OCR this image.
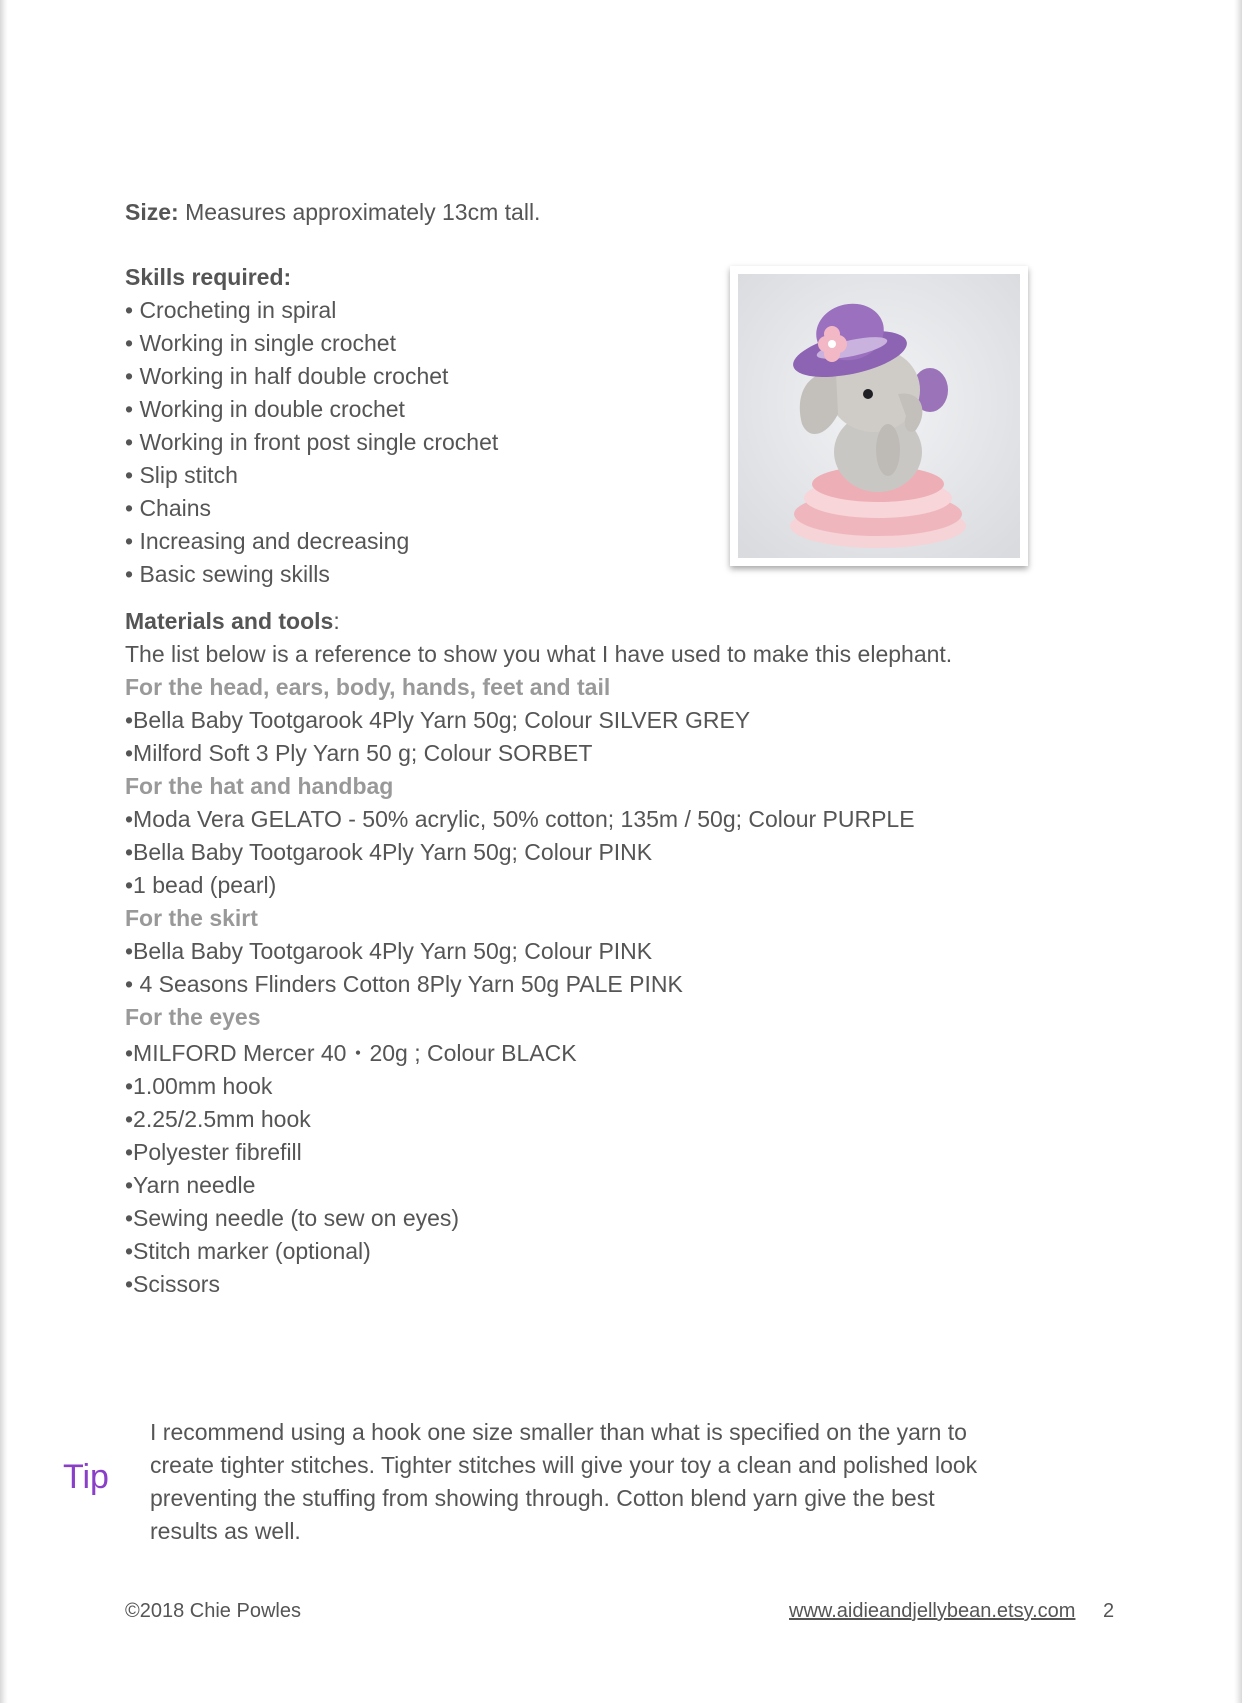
Size: Measures approximately 13cm tall.
Skills required:
• Crocheting in spiral
• Working in single crochet
• Working in half double crochet
• Working in double crochet
• Working in front post single crochet
• Slip stitch
• Chains
• Increasing and decreasing
• Basic sewing skills
Materials and tools:
The list below is a reference to show you what I have used to make this elephant.
For the head, ears, body, hands, feet and tail
•Bella Baby Tootgarook 4Ply Yarn 50g; Colour SILVER GREY
•Milford Soft 3 Ply Yarn 50 g; Colour SORBET
For the hat and handbag
•Moda Vera GELATO - 50% acrylic, 50% cotton; 135m / 50g; Colour PURPLE
•Bella Baby Tootgarook 4Ply Yarn 50g; Colour PINK
•1 bead (pearl)
For the skirt
•Bella Baby Tootgarook 4Ply Yarn 50g; Colour PINK
• 4 Seasons Flinders Cotton 8Ply Yarn 50g PALE PINK
For the eyes
•MILFORD Mercer 40・20g ; Colour BLACK
•1.00mm hook
•2.25/2.5mm hook
•Polyester fibrefill
•Yarn needle
•Sewing needle (to sew on eyes)
•Stitch marker (optional)
•Scissors
Tip
I recommend using a hook one size smaller than what is specified on the yarn to
create tighter stitches. Tighter stitches will give your toy a clean and polished look
preventing the stuffing from showing through. Cotton blend yarn give the best
results as well.
©2018 Chie Powles	www.aidieandjellybean.etsy.com 2
